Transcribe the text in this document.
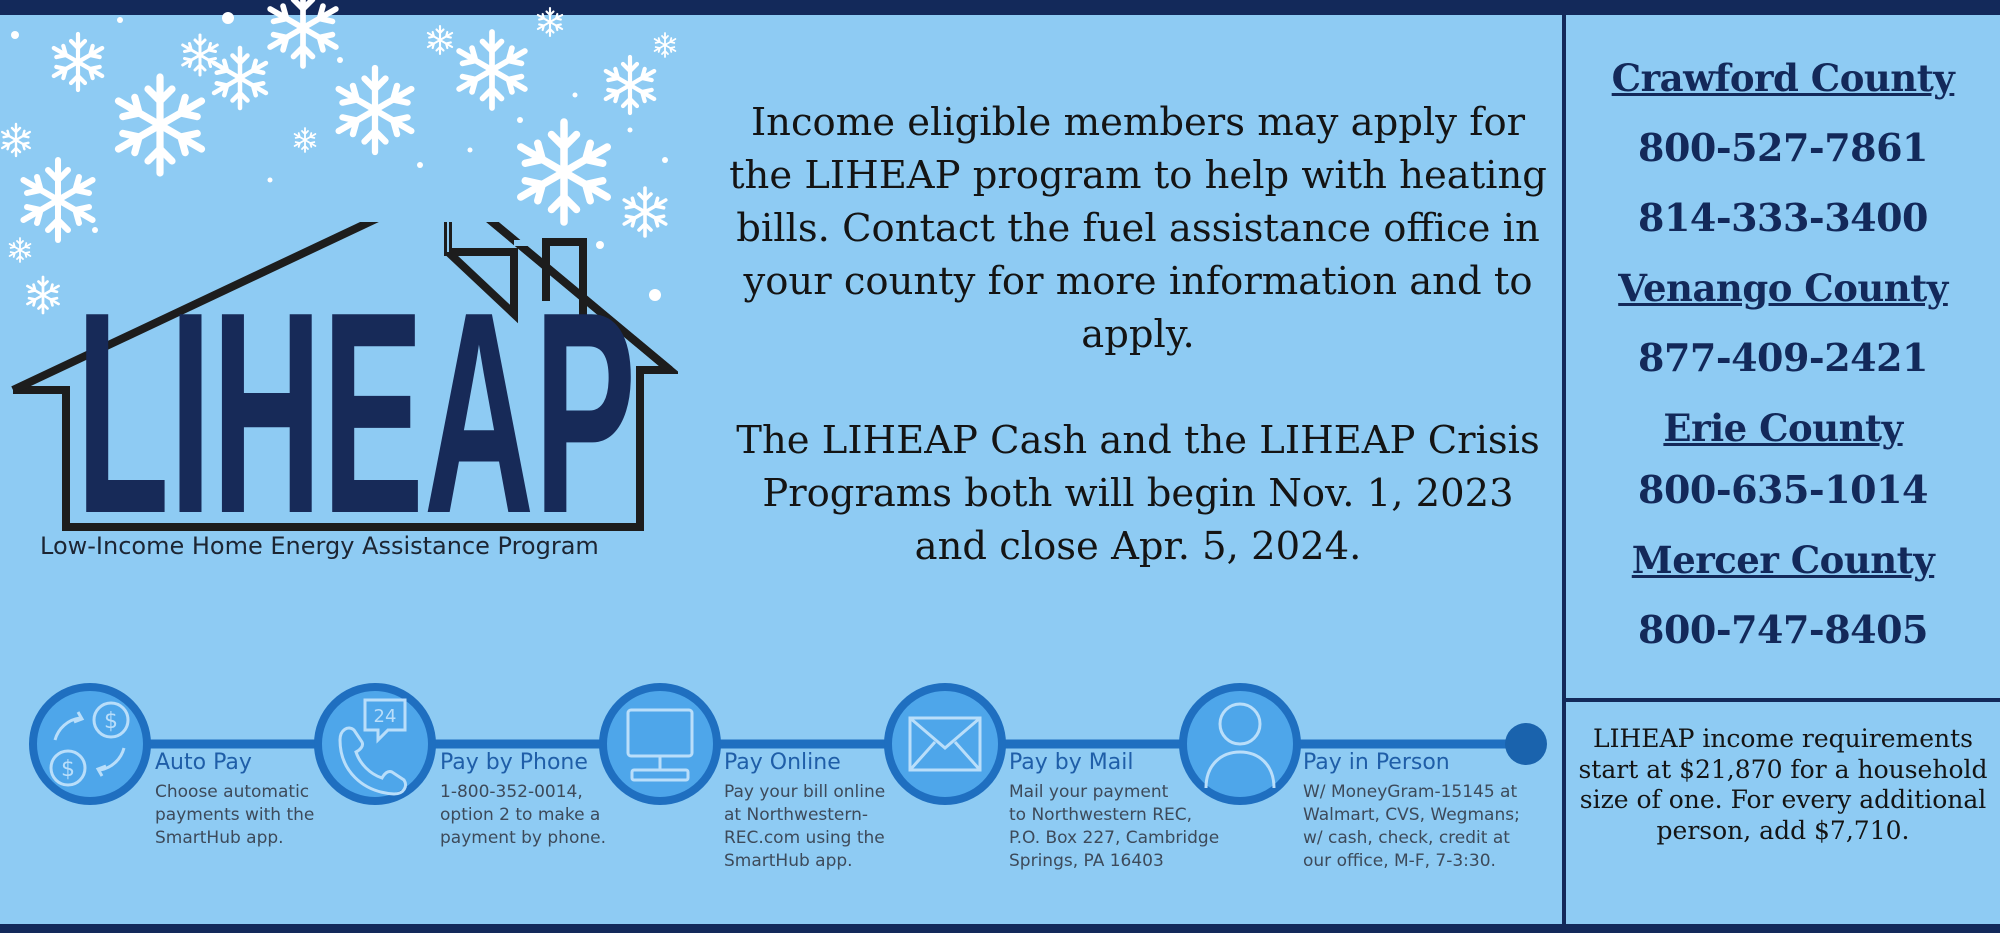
LIHEAP
Low-Income Home Energy Assistance Program

Income eligible members may apply for the LIHEAP program to help with heating bills. Contact the fuel assistance office in your county for more information and to apply.

The LIHEAP Cash and the LIHEAP Crisis Programs both will begin Nov. 1, 2023 and close Apr. 5, 2024.

Crawford County
800-527-7861
814-333-3400
Venango County
877-409-2421
Erie County
800-635-1014
Mercer County
800-747-8405
LIHEAP income requirements start at $21,870 for a household size of one. For every additional person, add $7,710.
$
$
24
Auto Pay
Choose automatic
payments with the
SmartHub app.
Pay by Phone
1-800-352-0014,
option 2 to make a
payment by phone.
Pay Online
Pay your bill online
at Northwestern-
REC.com using the
SmartHub app.
Pay by Mail
Mail your payment
to Northwestern REC,
P.O. Box 227, Cambridge
Springs, PA 16403
Pay in Person
W/ MoneyGram-15145 at
Walmart, CVS, Wegmans;
w/ cash, check, credit at
our office, M-F, 7-3:30.
